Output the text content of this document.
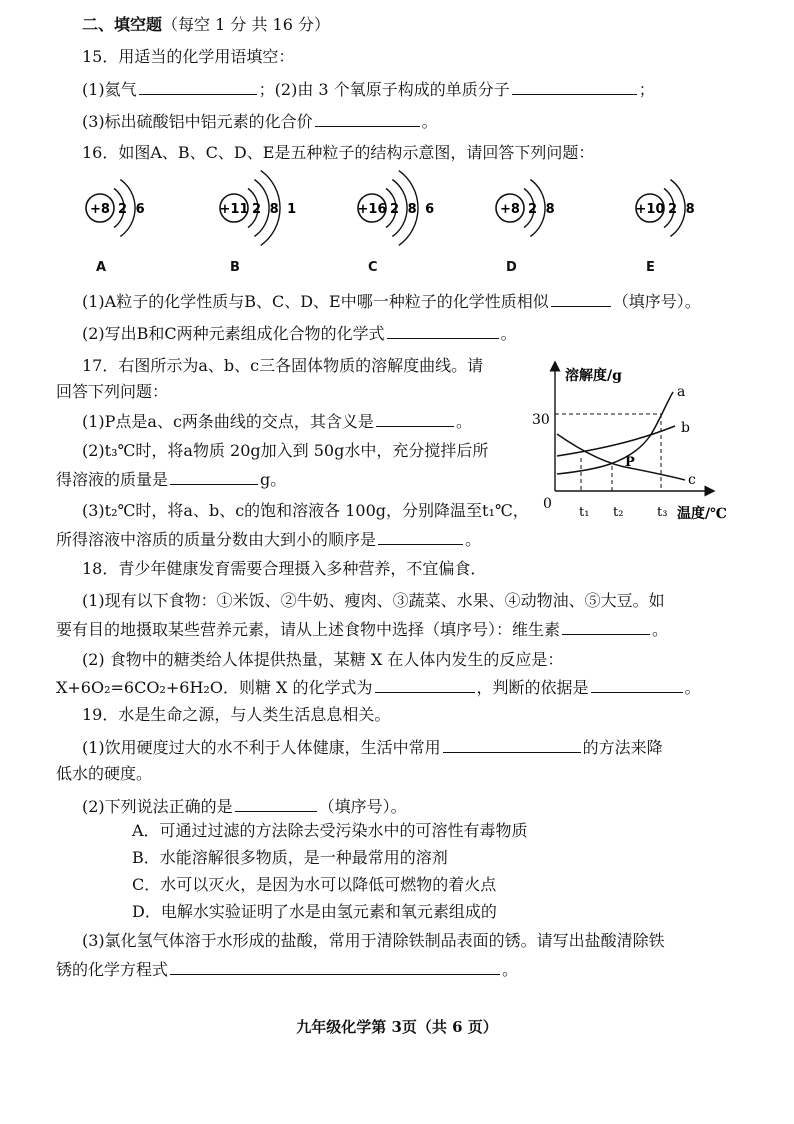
二、填空题（每空 1 分 共 16 分）
15．用适当的化学用语填空：
(1)氦气	；(2)由 3 个氧原子构成的单质分子	；
(3)标出硫酸铝中铝元素的化合价	。
16．如图A、B、C、D、E是五种粒子的结构示意图，请回答下列问题：
+8 2 6
A
+11 2 8 1
B
+16 2 8 6
C
+8 2 8
D
+10 2 8
E
(1)A粒子的化学性质与B、C、D、E中哪一种粒子的化学性质相似	（填序号）。
(2)写出B和C两种元素组成化合物的化学式	。
17．右图所示为a、b、c三各固体物质的溶解度曲线。请
回答下列问题：
(1)P点是a、c两条曲线的交点，其含义是	。
(2)t₃℃时，将a物质 20g加入到 50g水中，充分搅拌后所
得溶液的质量是	g。
(3)t₂℃时，将a、b、c的饱和溶液各 100g，分别降温至t₁℃，
所得溶液中溶质的质量分数由大到小的顺序是	。
溶解度/g
30
0
t₁ t₂	t₃ 温度/℃
a
b
c
P
18．青少年健康发育需要合理摄入多种营养，不宜偏食．
(1)现有以下食物：①米饭、②牛奶、瘦肉、③蔬菜、水果、④动物油、⑤大豆。如
要有目的地摄取某些营养元素，请从上述食物中选择（填序号）：维生素	。
(2) 食物中的糖类给人体提供热量，某糖 X 在人体内发生的反应是：
X+6O₂=6CO₂+6H₂O．则糖 X 的化学式为	，判断的依据是	。
19．水是生命之源，与人类生活息息相关。
(1)饮用硬度过大的水不利于人体健康，生活中常用	的方法来降
低水的硬度。
(2)下列说法正确的是	（填序号）。
A．可通过过滤的方法除去受污染水中的可溶性有毒物质
B．水能溶解很多物质，是一种最常用的溶剂
C．水可以灭火，是因为水可以降低可燃物的着火点
D．电解水实验证明了水是由氢元素和氧元素组成的
(3)氯化氢气体溶于水形成的盐酸，常用于清除铁制品表面的锈。请写出盐酸清除铁
锈的化学方程式	。
九年级化学第 3页（共 6 页）
